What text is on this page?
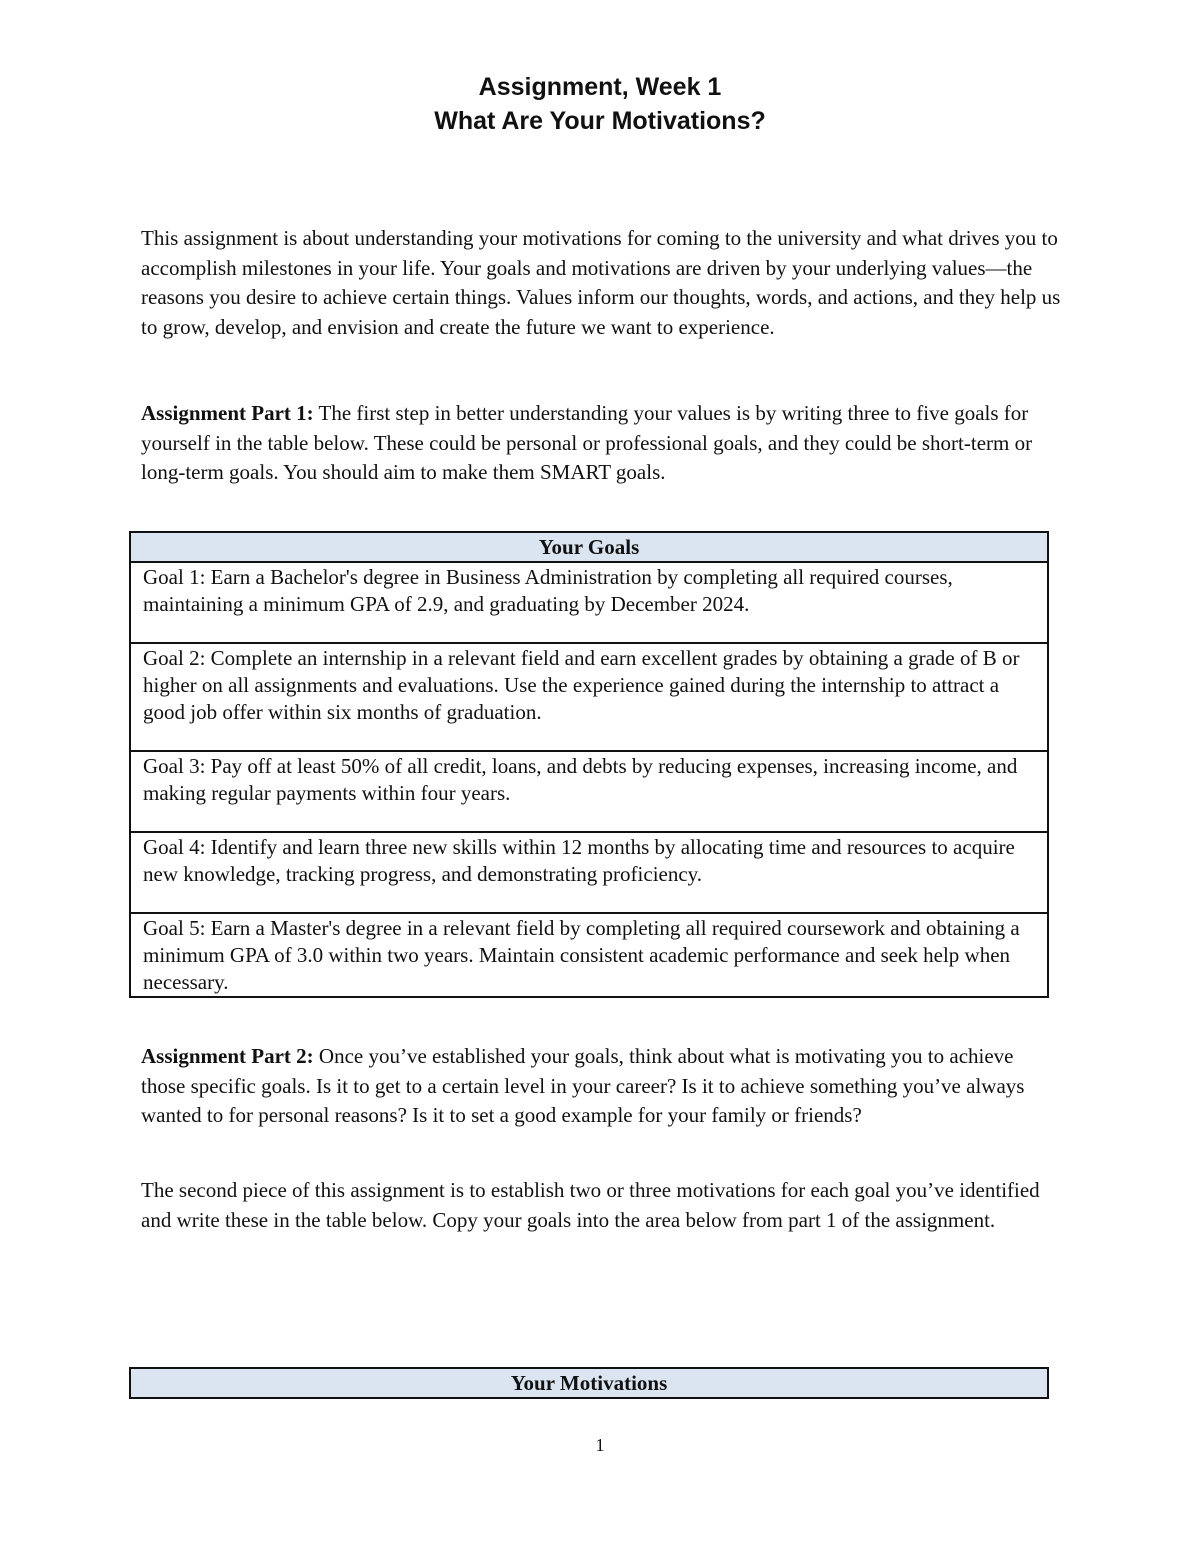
Assignment, Week 1
What Are Your Motivations?

This assignment is about understanding your motivations for coming to the university and what drives you to accomplish milestones in your life. Your goals and motivations are driven by your underlying values—the reasons you desire to achieve certain things. Values inform our thoughts, words, and actions, and they help us to grow, develop, and envision and create the future we want to experience.

Assignment Part 1: The first step in better understanding your values is by writing three to five goals for yourself in the table below. These could be personal or professional goals, and they could be short-term or long-term goals. You should aim to make them SMART goals.

Your Goals
Goal 1: Earn a Bachelor's degree in Business Administration by completing all required courses, maintaining a minimum GPA of 2.9, and graduating by December 2024.
Goal 2: Complete an internship in a relevant field and earn excellent grades by obtaining a grade of B or higher on all assignments and evaluations. Use the experience gained during the internship to attract a good job offer within six months of graduation.
Goal 3: Pay off at least 50% of all credit, loans, and debts by reducing expenses, increasing income, and making regular payments within four years.
Goal 4: Identify and learn three new skills within 12 months by allocating time and resources to acquire new knowledge, tracking progress, and demonstrating proficiency.
Goal 5: Earn a Master's degree in a relevant field by completing all required coursework and obtaining a minimum GPA of 3.0 within two years. Maintain consistent academic performance and seek help when necessary.

Assignment Part 2: Once you’ve established your goals, think about what is motivating you to achieve those specific goals. Is it to get to a certain level in your career? Is it to achieve something you’ve always wanted to for personal reasons? Is it to set a good example for your family or friends?

The second piece of this assignment is to establish two or three motivations for each goal you’ve identified and write these in the table below. Copy your goals into the area below from part 1 of the assignment.

Your Motivations
1
